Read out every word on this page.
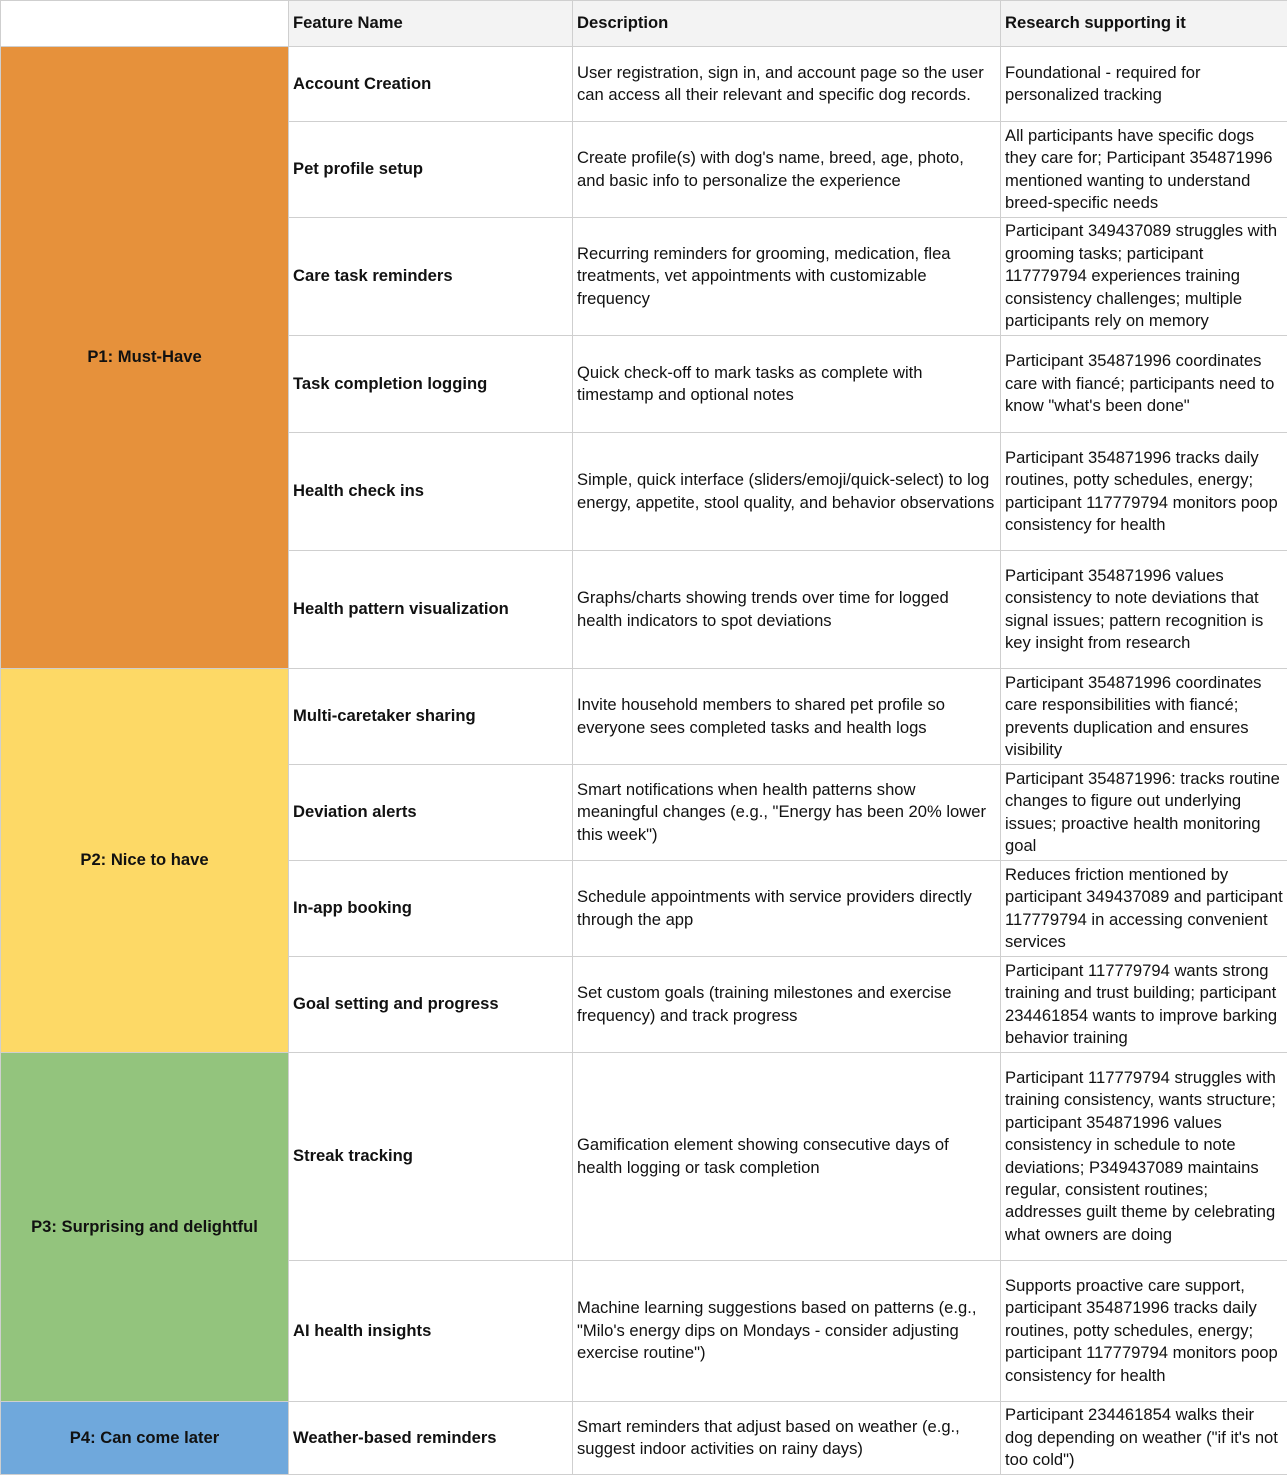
	Feature Name	Description	Research supporting it
P1: Must-Have	Account Creation	User registration, sign in, and account page so the user can access all their relevant and specific dog records.	Foundational - required for personalized tracking
	Pet profile setup	Create profile(s) with dog's name, breed, age, photo, and basic info to personalize the experience	All participants have specific dogs they care for; Participant 354871996 mentioned wanting to understand breed-specific needs
	Care task reminders	Recurring reminders for grooming, medication, flea treatments, vet appointments with customizable frequency	Participant 349437089 struggles with grooming tasks; participant 117779794 experiences training consistency challenges; multiple participants rely on memory
	Task completion logging	Quick check-off to mark tasks as complete with timestamp and optional notes	Participant 354871996 coordinates care with fiancé; participants need to know "what's been done"
	Health check ins	Simple, quick interface (sliders/emoji/quick-select) to log energy, appetite, stool quality, and behavior observations	Participant 354871996 tracks daily routines, potty schedules, energy; participant 117779794 monitors poop consistency for health
	Health pattern visualization	Graphs/charts showing trends over time for logged health indicators to spot deviations	Participant 354871996 values consistency to note deviations that signal issues; pattern recognition is key insight from research
P2: Nice to have	Multi-caretaker sharing	Invite household members to shared pet profile so everyone sees completed tasks and health logs	Participant 354871996 coordinates care responsibilities with fiancé; prevents duplication and ensures visibility
	Deviation alerts	Smart notifications when health patterns show meaningful changes (e.g., "Energy has been 20% lower this week")	Participant 354871996: tracks routine changes to figure out underlying issues; proactive health monitoring goal
	In-app booking	Schedule appointments with service providers directly through the app	Reduces friction mentioned by participant 349437089 and participant 117779794 in accessing convenient services
	Goal setting and progress	Set custom goals (training milestones and exercise frequency) and track progress	Participant 117779794 wants strong training and trust building; participant 234461854 wants to improve barking behavior training
P3: Surprising and delightful	Streak tracking	Gamification element showing consecutive days of health logging or task completion	Participant 117779794 struggles with training consistency, wants structure; participant 354871996 values consistency in schedule to note deviations; P349437089 maintains regular, consistent routines; addresses guilt theme by celebrating what owners are doing
	AI health insights	Machine learning suggestions based on patterns (e.g., "Milo's energy dips on Mondays - consider adjusting exercise routine")	Supports proactive care support, participant 354871996 tracks daily routines, potty schedules, energy; participant 117779794 monitors poop consistency for health
P4: Can come later	Weather-based reminders	Smart reminders that adjust based on weather (e.g., suggest indoor activities on rainy days)	Participant 234461854 walks their dog depending on weather ("if it's not too cold")
